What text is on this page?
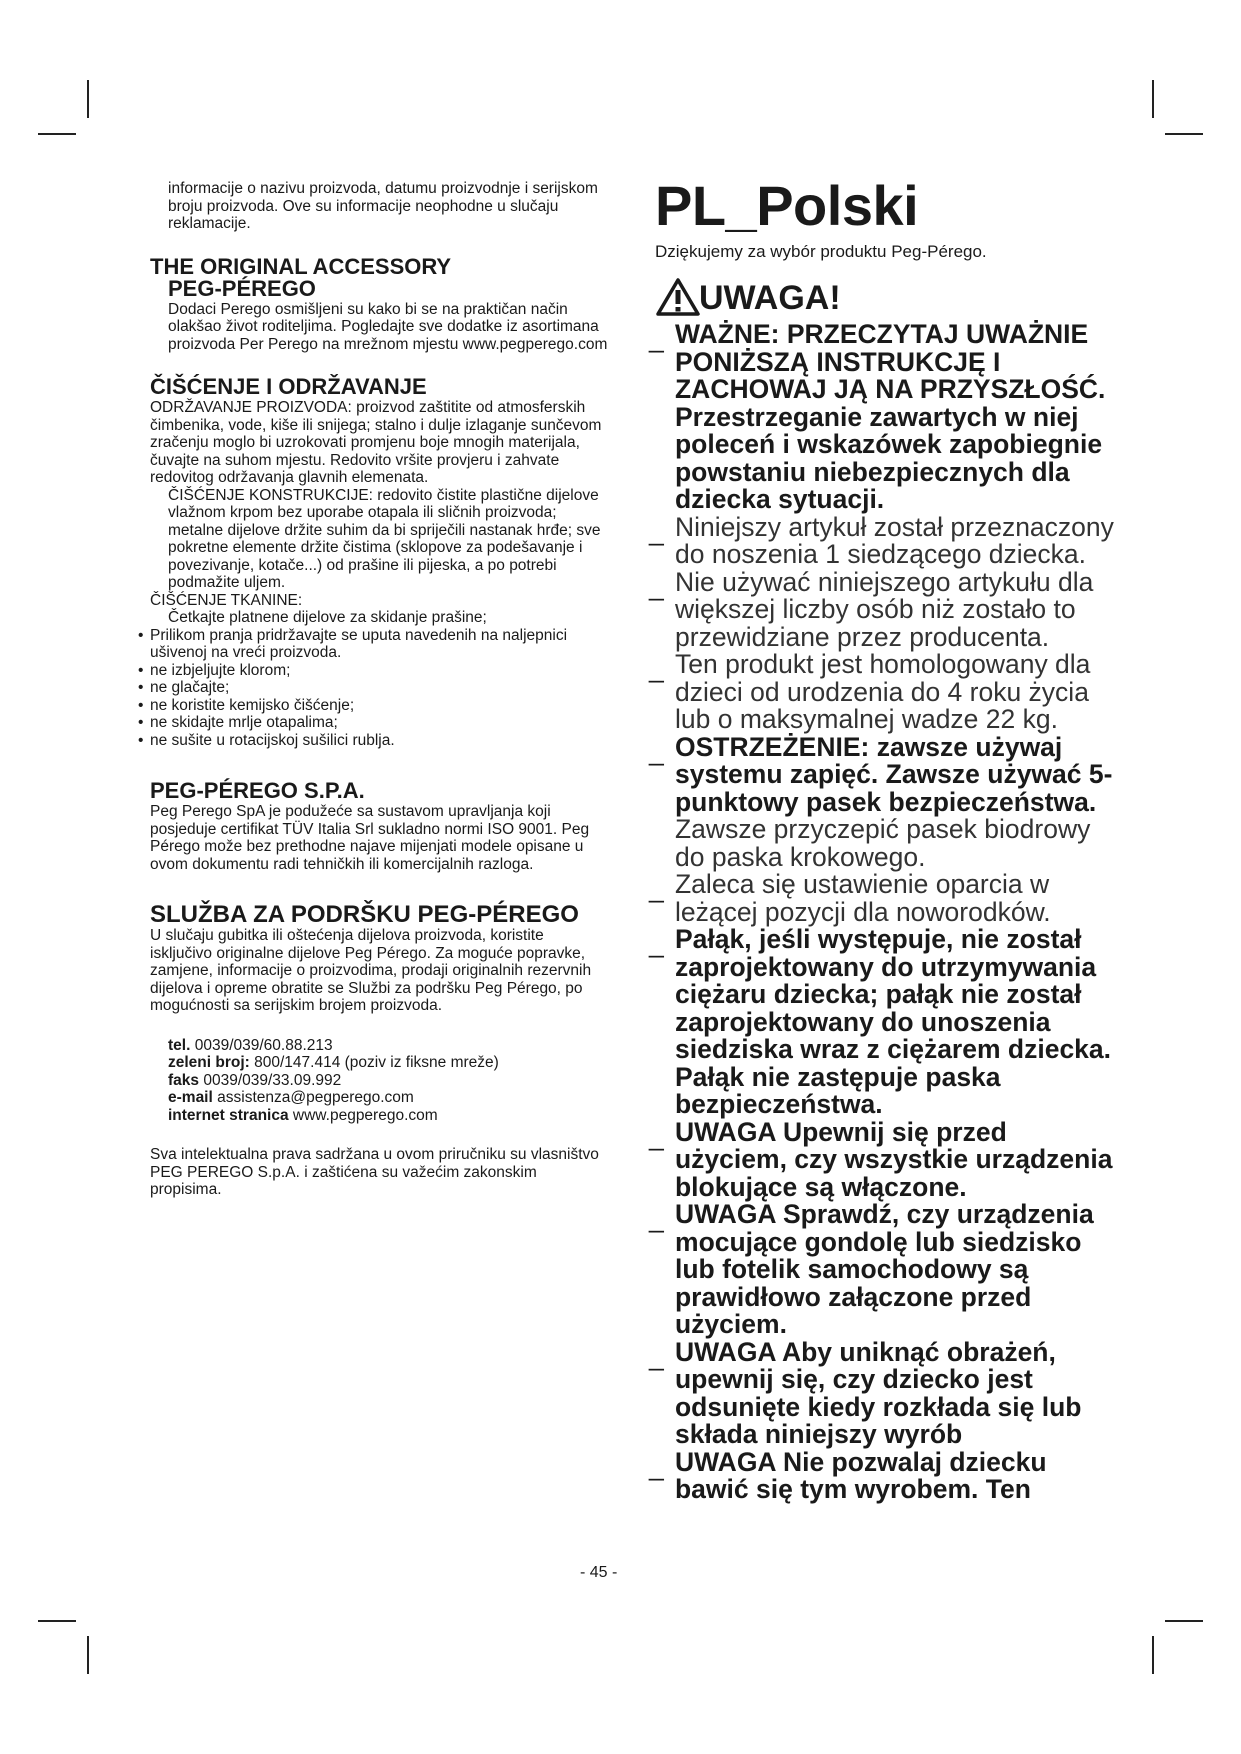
informacije o nazivu proizvoda, datumu proizvodnje i serijskom broju proizvoda. Ove su informacije neophodne u slučaju reklamacije.

THE ORIGINAL ACCESSORY

PEG-PÉREGO

Dodaci Perego osmišljeni su kako bi se na praktičan način olakšao život roditeljima. Pogledajte sve dodatke iz asortimana proizvoda Per Perego na mrežnom mjestu www.pegperego.com

ČIŠĆENJE I ODRŽAVANJE

ODRŽAVANJE PROIZVODA: proizvod zaštitite od atmosferskih čimbenika, vode, kiše ili snijega; stalno i dulje izlaganje sunčevom zračenju moglo bi uzrokovati promjenu boje mnogih materijala, čuvajte na suhom mjestu. Redovito vršite provjeru i zahvate redovitog održavanja glavnih elemenata.

ČIŠĆENJE KONSTRUKCIJE: redovito čistite plastične dijelove vlažnom krpom bez uporabe otapala ili sličnih proizvoda; metalne dijelove držite suhim da bi spriječili nastanak hrđe; sve pokretne elemente držite čistima (sklopove za podešavanje i povezivanje, kotače...) od prašine ili pijeska, a po potrebi podmažite uljem.

ČIŠĆENJE TKANINE:

Četkajte platnene dijelove za skidanje prašine;

• Prilikom pranja pridržavajte se uputa navedenih na naljepnici ušivenoj na vreći proizvoda.
• ne izbjeljujte klorom;
• ne glačajte;
• ne koristite kemijsko čišćenje;
• ne skidajte mrlje otapalima;
• ne sušite u rotacijskoj sušilici rublja.

PEG-PÉREGO S.P.A.

Peg Perego SpA je podužeće sa sustavom upravljanja koji posjeduje certifikat TÜV Italia Srl sukladno normi ISO 9001. Peg Pérego može bez prethodne najave mijenjati modele opisane u ovom dokumentu radi tehničkih ili komercijalnih razloga.

SLUŽBA ZA PODRŠKU PEG-PÉREGO

U slučaju gubitka ili oštećenja dijelova proizvoda, koristite isključivo originalne dijelove Peg Pérego. Za moguće popravke, zamjene, informacije o proizvodima, prodaji originalnih rezervnih dijelova i opreme obratite se Službi za podršku Peg Pérego, po mogućnosti sa serijskim brojem proizvoda.

tel. 0039/039/60.88.213
zeleni broj: 800/147.414 (poziv iz fiksne mreže)
faks 0039/039/33.09.992
e-mail assistenza@pegperego.com
internet stranica www.pegperego.com

Sva intelektualna prava sadržana u ovom priručniku su vlasništvo PEG PEREGO S.p.A. i zaštićena su važećim zakonskim propisima.

PL_Polski

Dziękujemy za wybór produktu Peg-Pérego.

UWAGA!

_ WAŻNE: PRZECZYTAJ UWAŻNIE PONIŻSZĄ INSTRUKCJĘ I ZACHOWAJ JĄ NA PRZYSZŁOŚĆ. Przestrzeganie zawartych w niej poleceń i wskazówek zapobiegnie powstaniu niebezpiecznych dla dziecka sytuacji.

_ Niniejszy artykuł został przeznaczony do noszenia 1 siedzącego dziecka.

_ Nie używać niniejszego artykułu dla większej liczby osób niż zostało to przewidziane przez producenta.

_ Ten produkt jest homologowany dla dzieci od urodzenia do 4 roku życia lub o maksymalnej wadze 22 kg.

_ OSTRZEŻENIE: zawsze używaj systemu zapięć. Zawsze używać 5-punktowy pasek bezpieczeństwa.
Zawsze przyczepić pasek biodrowy do paska krokowego.

_ Zaleca się ustawienie oparcia w leżącej pozycji dla noworodków.

_ Pałąk, jeśli występuje, nie został zaprojektowany do utrzymywania ciężaru dziecka; pałąk nie został zaprojektowany do unoszenia siedziska wraz z ciężarem dziecka. Pałąk nie zastępuje paska bezpieczeństwa.

_ UWAGA Upewnij się przed użyciem, czy wszystkie urządzenia blokujące są włączone.

_ UWAGA Sprawdź, czy urządzenia mocujące gondolę lub siedzisko lub fotelik samochodowy są prawidłowo załączone przed użyciem.

_ UWAGA Aby uniknąć obrażeń, upewnij się, czy dziecko jest odsunięte kiedy rozkłada się lub składa niniejszy wyrób

_ UWAGA Nie pozwalaj dziecku bawić się tym wyrobem. Ten

- 45 -
